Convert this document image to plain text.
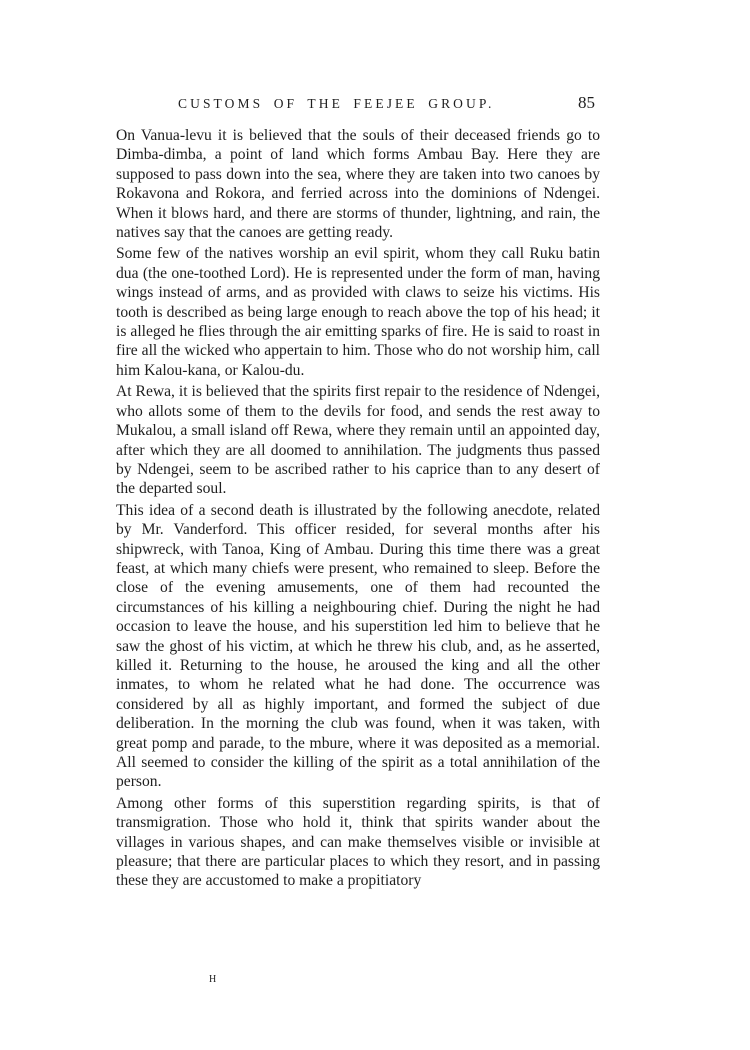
CUSTOMS OF THE FEEJEE GROUP.	85

On Vanua-levu it is believed that the souls of their deceased friends go to Dimba-dimba, a point of land which forms Ambau Bay. Here they are supposed to pass down into the sea, where they are taken into two canoes by Rokavona and Rokora, and ferried across into the dominions of Ndengei. When it blows hard, and there are storms of thunder, lightning, and rain, the natives say that the canoes are getting ready.

Some few of the natives worship an evil spirit, whom they call Ruku batin dua (the one-toothed Lord). He is represented under the form of man, having wings instead of arms, and as provided with claws to seize his victims. His tooth is described as being large enough to reach above the top of his head; it is alleged he flies through the air emitting sparks of fire. He is said to roast in fire all the wicked who appertain to him. Those who do not worship him, call him Kalou-kana, or Kalou-du.

At Rewa, it is believed that the spirits first repair to the residence of Ndengei, who allots some of them to the devils for food, and sends the rest away to Mukalou, a small island off Rewa, where they remain until an appointed day, after which they are all doomed to annihilation. The judgments thus passed by Ndengei, seem to be ascribed rather to his caprice than to any desert of the departed soul.

This idea of a second death is illustrated by the following anecdote, related by Mr. Vanderford. This officer resided, for several months after his shipwreck, with Tanoa, King of Ambau. During this time there was a great feast, at which many chiefs were present, who remained to sleep. Before the close of the evening amusements, one of them had recounted the circumstances of his killing a neighbouring chief. During the night he had occasion to leave the house, and his superstition led him to believe that he saw the ghost of his victim, at which he threw his club, and, as he asserted, killed it. Returning to the house, he aroused the king and all the other inmates, to whom he related what he had done. The occurrence was considered by all as highly important, and formed the subject of due deliberation. In the morning the club was found, when it was taken, with great pomp and parade, to the mbure, where it was deposited as a memorial. All seemed to consider the killing of the spirit as a total annihilation of the person.

Among other forms of this superstition regarding spirits, is that of transmigration. Those who hold it, think that spirits wander about the villages in various shapes, and can make themselves visible or invisible at pleasure; that there are particular places to which they resort, and in passing these they are accustomed to make a propitiatory

H
